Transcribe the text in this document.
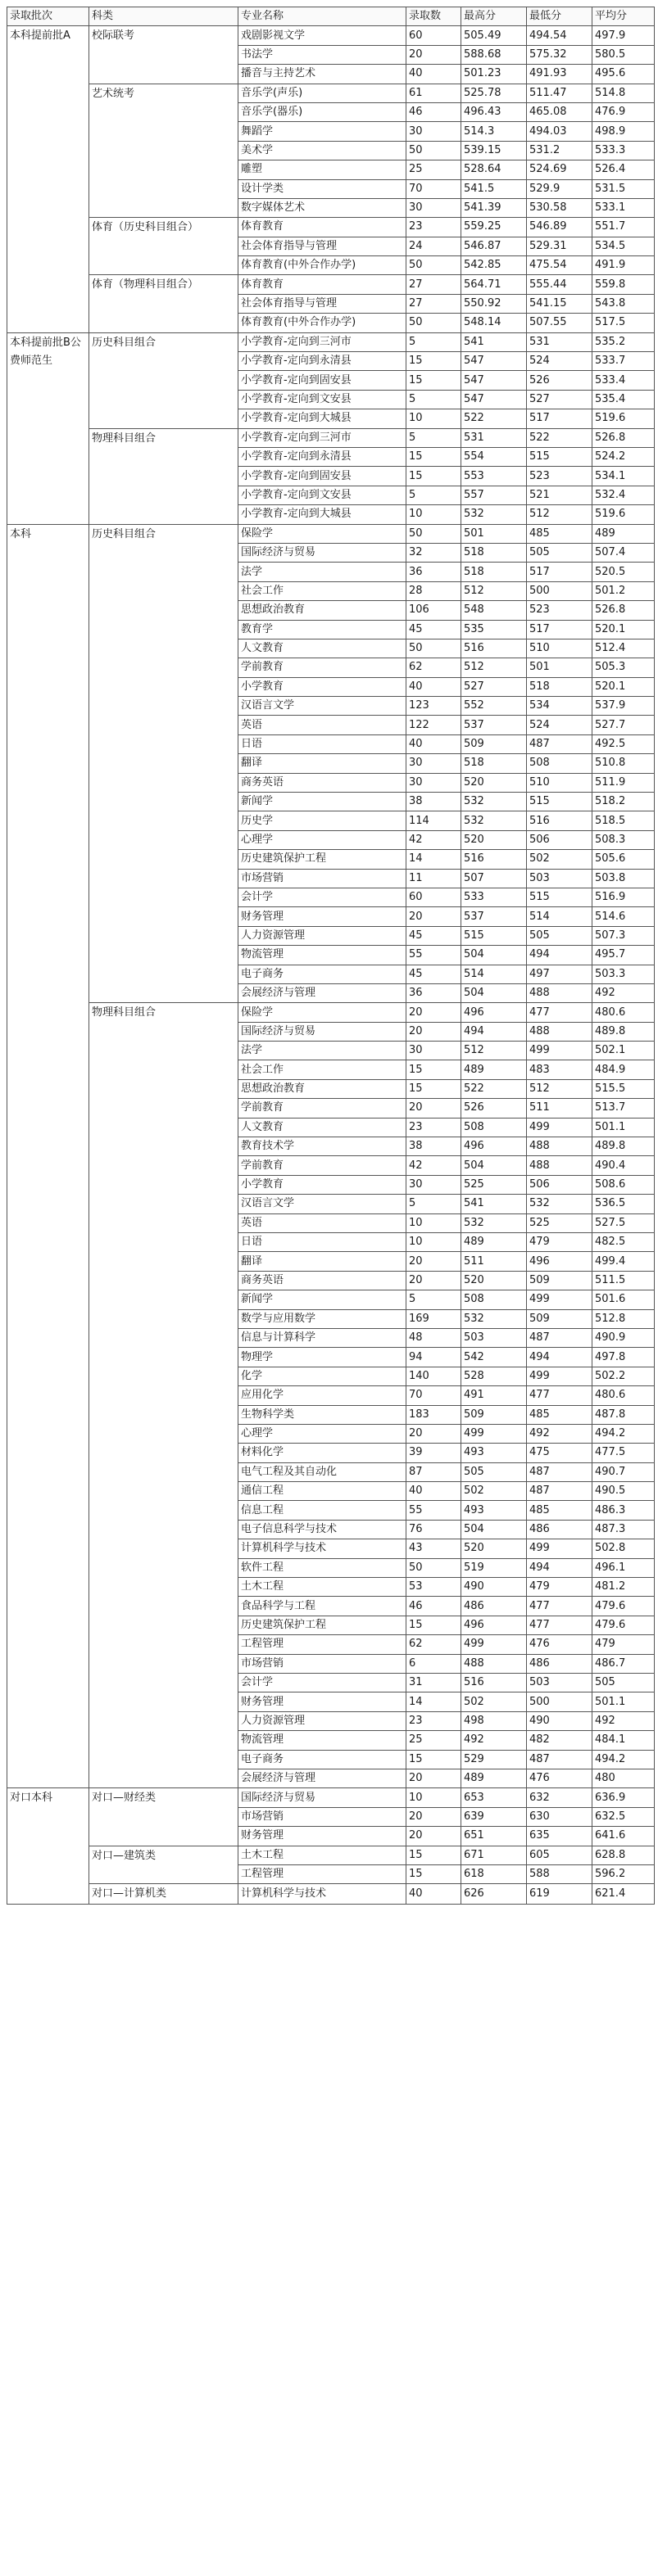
录取批次	科类	专业名称	录取数	最高分	最低分	平均分
本科提前批A	校际联考	戏剧影视文学	60	505.49	494.54	497.9
		书法学	20	588.68	575.32	580.5
		播音与主持艺术	40	501.23	491.93	495.6
	艺术统考	音乐学(声乐)	61	525.78	511.47	514.8
		音乐学(器乐)	46	496.43	465.08	476.9
		舞蹈学	30	514.3	494.03	498.9
		美术学	50	539.15	531.2	533.3
		雕塑	25	528.64	524.69	526.4
		设计学类	70	541.5	529.9	531.5
		数字媒体艺术	30	541.39	530.58	533.1
	体育（历史科目组合）	体育教育	23	559.25	546.89	551.7
		社会体育指导与管理	24	546.87	529.31	534.5
		体育教育(中外合作办学)	50	542.85	475.54	491.9
	体育（物理科目组合）	体育教育	27	564.71	555.44	559.8
		社会体育指导与管理	27	550.92	541.15	543.8
		体育教育(中外合作办学)	50	548.14	507.55	517.5
本科提前批B公费师范生	历史科目组合	小学教育-定向到三河市	5	541	531	535.2
		小学教育-定向到永清县	15	547	524	533.7
		小学教育-定向到固安县	15	547	526	533.4
		小学教育-定向到文安县	5	547	527	535.4
		小学教育-定向到大城县	10	522	517	519.6
	物理科目组合	小学教育-定向到三河市	5	531	522	526.8
		小学教育-定向到永清县	15	554	515	524.2
		小学教育-定向到固安县	15	553	523	534.1
		小学教育-定向到文安县	5	557	521	532.4
		小学教育-定向到大城县	10	532	512	519.6
本科	历史科目组合	保险学	50	501	485	489
		国际经济与贸易	32	518	505	507.4
		法学	36	518	517	520.5
		社会工作	28	512	500	501.2
		思想政治教育	106	548	523	526.8
		教育学	45	535	517	520.1
		人文教育	50	516	510	512.4
		学前教育	62	512	501	505.3
		小学教育	40	527	518	520.1
		汉语言文学	123	552	534	537.9
		英语	122	537	524	527.7
		日语	40	509	487	492.5
		翻译	30	518	508	510.8
		商务英语	30	520	510	511.9
		新闻学	38	532	515	518.2
		历史学	114	532	516	518.5
		心理学	42	520	506	508.3
		历史建筑保护工程	14	516	502	505.6
		市场营销	11	507	503	503.8
		会计学	60	533	515	516.9
		财务管理	20	537	514	514.6
		人力资源管理	45	515	505	507.3
		物流管理	55	504	494	495.7
		电子商务	45	514	497	503.3
		会展经济与管理	36	504	488	492
	物理科目组合	保险学	20	496	477	480.6
		国际经济与贸易	20	494	488	489.8
		法学	30	512	499	502.1
		社会工作	15	489	483	484.9
		思想政治教育	15	522	512	515.5
		学前教育	20	526	511	513.7
		人文教育	23	508	499	501.1
		教育技术学	38	496	488	489.8
		学前教育	42	504	488	490.4
		小学教育	30	525	506	508.6
		汉语言文学	5	541	532	536.5
		英语	10	532	525	527.5
		日语	10	489	479	482.5
		翻译	20	511	496	499.4
		商务英语	20	520	509	511.5
		新闻学	5	508	499	501.6
		数学与应用数学	169	532	509	512.8
		信息与计算科学	48	503	487	490.9
		物理学	94	542	494	497.8
		化学	140	528	499	502.2
		应用化学	70	491	477	480.6
		生物科学类	183	509	485	487.8
		心理学	20	499	492	494.2
		材料化学	39	493	475	477.5
		电气工程及其自动化	87	505	487	490.7
		通信工程	40	502	487	490.5
		信息工程	55	493	485	486.3
		电子信息科学与技术	76	504	486	487.3
		计算机科学与技术	43	520	499	502.8
		软件工程	50	519	494	496.1
		土木工程	53	490	479	481.2
		食品科学与工程	46	486	477	479.6
		历史建筑保护工程	15	496	477	479.6
		工程管理	62	499	476	479
		市场营销	6	488	486	486.7
		会计学	31	516	503	505
		财务管理	14	502	500	501.1
		人力资源管理	23	498	490	492
		物流管理	25	492	482	484.1
		电子商务	15	529	487	494.2
		会展经济与管理	20	489	476	480
对口本科	对口—财经类	国际经济与贸易	10	653	632	636.9
		市场营销	20	639	630	632.5
		财务管理	20	651	635	641.6
	对口—建筑类	土木工程	15	671	605	628.8
		工程管理	15	618	588	596.2
	对口—计算机类	计算机科学与技术	40	626	619	621.4
